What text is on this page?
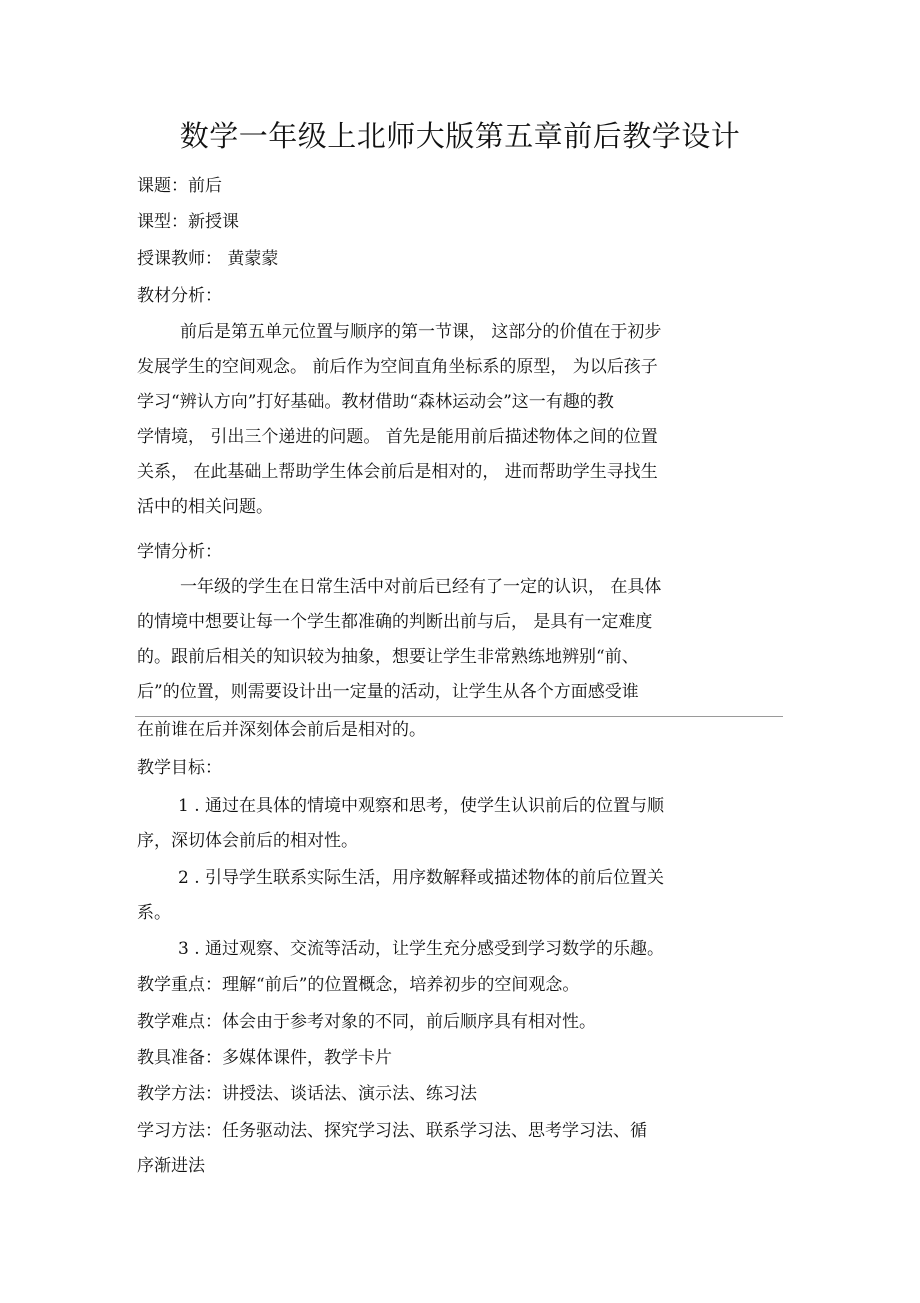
数学一年级上北师大版第五章前后教学设计
课题：前后
课型：新授课
授课教师： 黄蒙蒙
教材分析：
前后是第五单元位置与顺序的第一节课， 这部分的价值在于初步
发展学生的空间观念。 前后作为空间直角坐标系的原型， 为以后孩子
学习“辨认方向”打好基础。教材借助“森林运动会”这一有趣的教
学情境， 引出三个递进的问题。 首先是能用前后描述物体之间的位置
关系， 在此基础上帮助学生体会前后是相对的， 进而帮助学生寻找生
活中的相关问题。
学情分析：
一年级的学生在日常生活中对前后已经有了一定的认识， 在具体
的情境中想要让每一个学生都准确的判断出前与后， 是具有一定难度
的。跟前后相关的知识较为抽象，想要让学生非常熟练地辨别“前、
后”的位置，则需要设计出一定量的活动，让学生从各个方面感受谁
在前谁在后并深刻体会前后是相对的。
教学目标：
1 . 通过在具体的情境中观察和思考，使学生认识前后的位置与顺
序，深切体会前后的相对性。
2 . 引导学生联系实际生活，用序数解释或描述物体的前后位置关
系。
3 . 通过观察、交流等活动，让学生充分感受到学习数学的乐趣。
教学重点：理解“前后”的位置概念，培养初步的空间观念。
教学难点：体会由于参考对象的不同，前后顺序具有相对性。
教具准备：多媒体课件，教学卡片
教学方法：讲授法、谈话法、演示法、练习法
学习方法：任务驱动法、探究学习法、联系学习法、思考学习法、循
序渐进法
